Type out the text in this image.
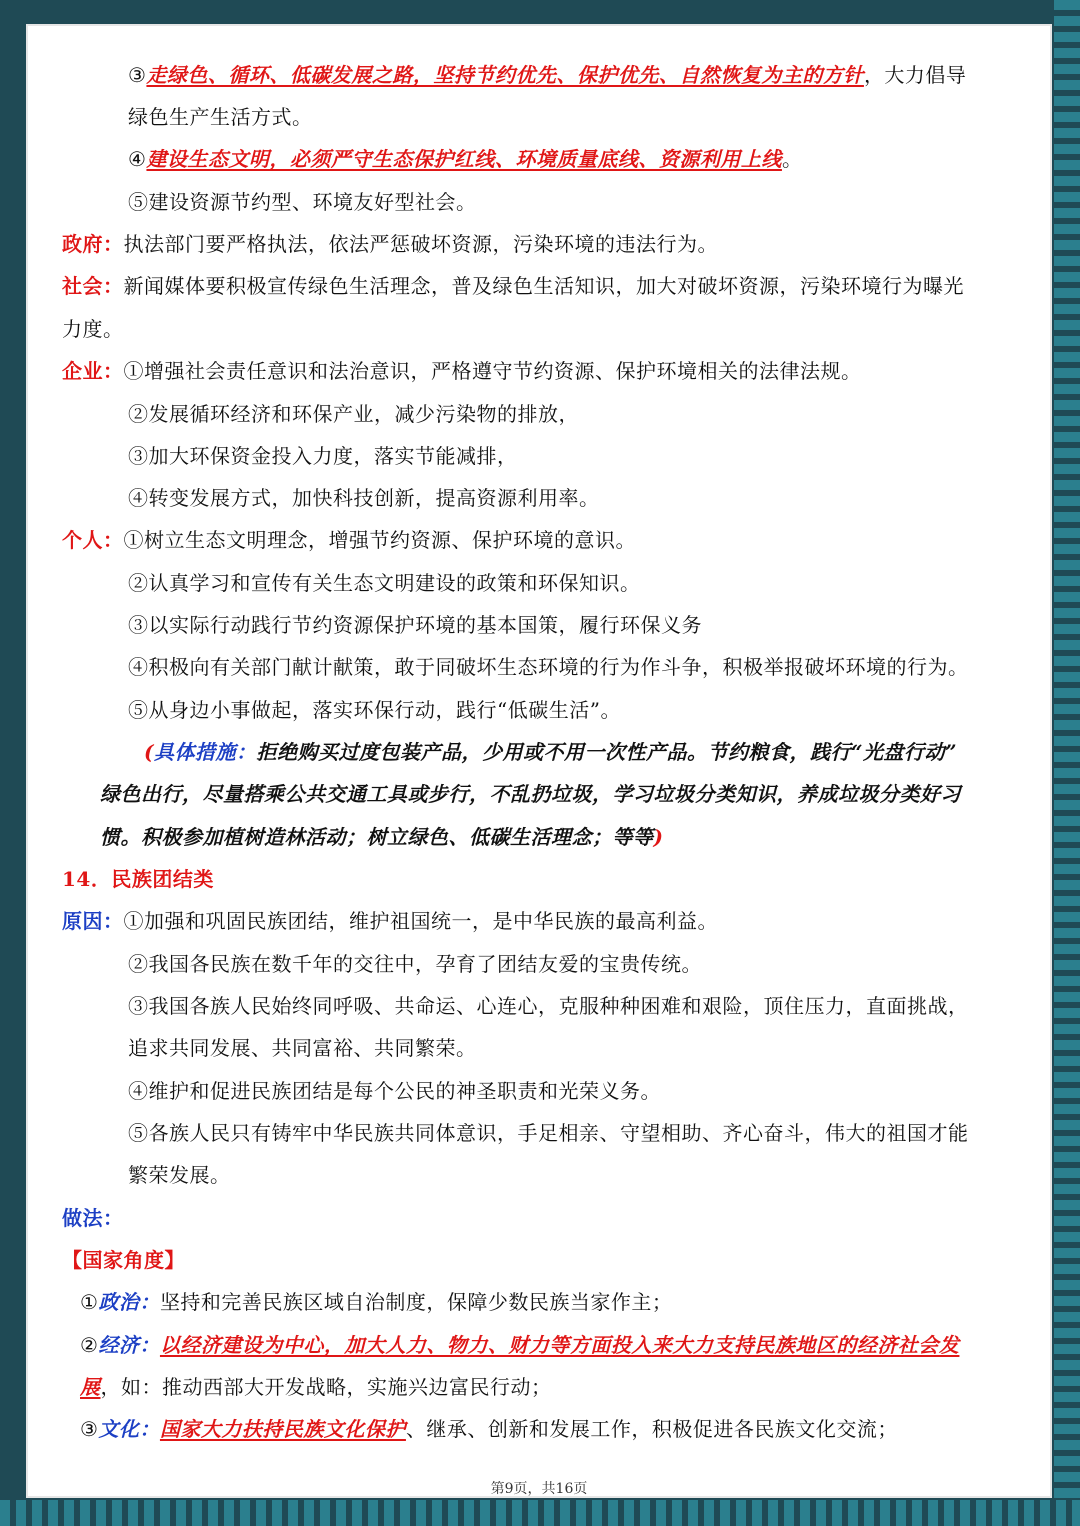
③走绿色、循环、低碳发展之路，坚持节约优先、保护优先、自然恢复为主的方针，大力倡导
绿色生产生活方式。
④建设生态文明，必须严守生态保护红线、环境质量底线、资源利用上线。
⑤建设资源节约型、环境友好型社会。
政府：执法部门要严格执法，依法严惩破坏资源，污染环境的违法行为。
社会：新闻媒体要积极宣传绿色生活理念，普及绿色生活知识，加大对破坏资源，污染环境行为曝光
力度。
企业：①增强社会责任意识和法治意识，严格遵守节约资源、保护环境相关的法律法规。
②发展循环经济和环保产业，减少污染物的排放，
③加大环保资金投入力度，落实节能减排，
④转变发展方式，加快科技创新，提高资源利用率。
个人：①树立生态文明理念，增强节约资源、保护环境的意识。
②认真学习和宣传有关生态文明建设的政策和环保知识。
③以实际行动践行节约资源保护环境的基本国策，履行环保义务
④积极向有关部门献计献策，敢于同破坏生态环境的行为作斗争，积极举报破坏环境的行为。
⑤从身边小事做起，落实环保行动，践行“低碳生活”。
(具体措施：拒绝购买过度包装产品，少用或不用一次性产品。节约粮食，践行“光盘行动”
绿色出行，尽量搭乘公共交通工具或步行，不乱扔垃圾，学习垃圾分类知识，养成垃圾分类好习
惯。积极参加植树造林活动；树立绿色、低碳生活理念；等等)
14．民族团结类
原因：①加强和巩固民族团结，维护祖国统一，是中华民族的最高利益。
②我国各民族在数千年的交往中，孕育了团结友爱的宝贵传统。
③我国各族人民始终同呼吸、共命运、心连心，克服种种困难和艰险，顶住压力，直面挑战，
追求共同发展、共同富裕、共同繁荣。
④维护和促进民族团结是每个公民的神圣职责和光荣义务。
⑤各族人民只有铸牢中华民族共同体意识，手足相亲、守望相助、齐心奋斗，伟大的祖国才能
繁荣发展。
做法：
【国家角度】
①政治：坚持和完善民族区域自治制度，保障少数民族当家作主；
②经济：以经济建设为中心，加大人力、物力、财力等方面投入来大力支持民族地区的经济社会发
展，如：推动西部大开发战略，实施兴边富民行动；
③文化：国家大力扶持民族文化保护、继承、创新和发展工作，积极促进各民族文化交流；
第9页，共16页
